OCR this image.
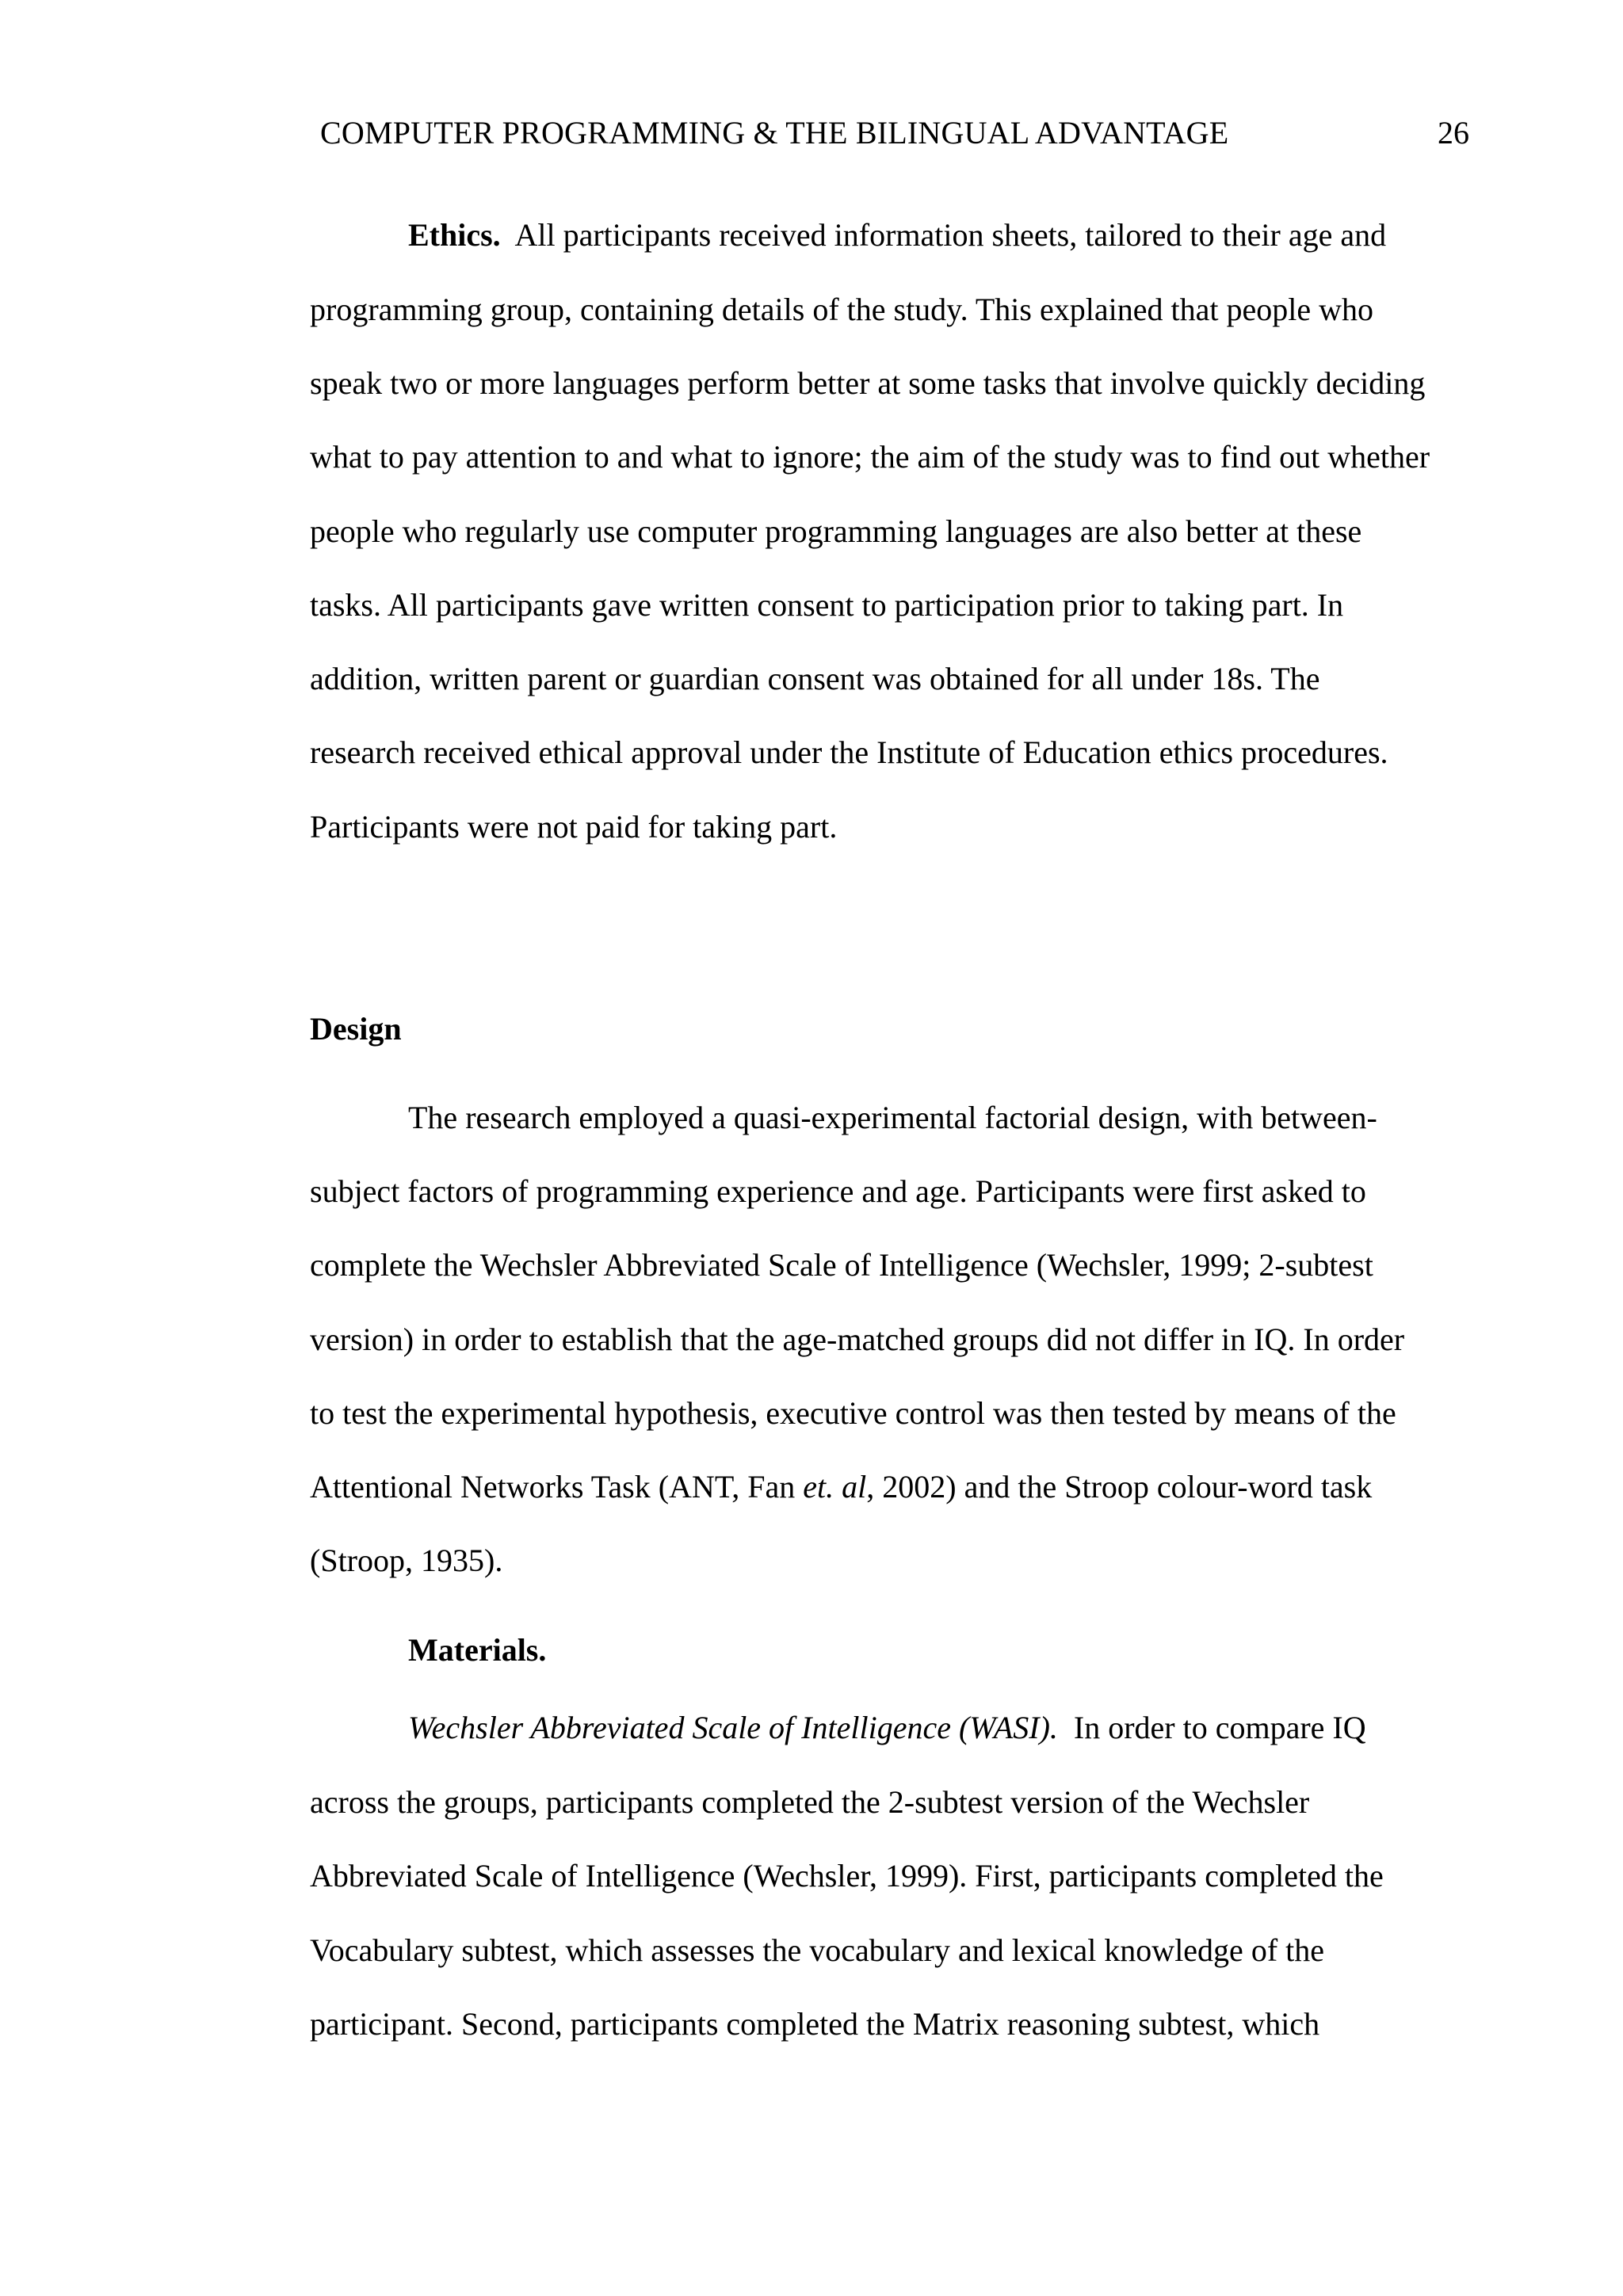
COMPUTER PROGRAMMING & THE BILINGUAL ADVANTAGE	26
Ethics.  All participants received information sheets, tailored to their age and
programming group, containing details of the study. This explained that people who
speak two or more languages perform better at some tasks that involve quickly deciding
what to pay attention to and what to ignore; the aim of the study was to find out whether
people who regularly use computer programming languages are also better at these
tasks. All participants gave written consent to participation prior to taking part. In
addition, written parent or guardian consent was obtained for all under 18s. The
research received ethical approval under the Institute of Education ethics procedures.
Participants were not paid for taking part.
Design
The research employed a quasi-experimental factorial design, with between-
subject factors of programming experience and age. Participants were first asked to
complete the Wechsler Abbreviated Scale of Intelligence (Wechsler, 1999; 2-subtest
version) in order to establish that the age-matched groups did not differ in IQ. In order
to test the experimental hypothesis, executive control was then tested by means of the
Attentional Networks Task (ANT, Fan et. al, 2002) and the Stroop colour-word task
(Stroop, 1935).
Materials.
Wechsler Abbreviated Scale of Intelligence (WASI).  In order to compare IQ
across the groups, participants completed the 2-subtest version of the Wechsler
Abbreviated Scale of Intelligence (Wechsler, 1999). First, participants completed the
Vocabulary subtest, which assesses the vocabulary and lexical knowledge of the
participant. Second, participants completed the Matrix reasoning subtest, which
